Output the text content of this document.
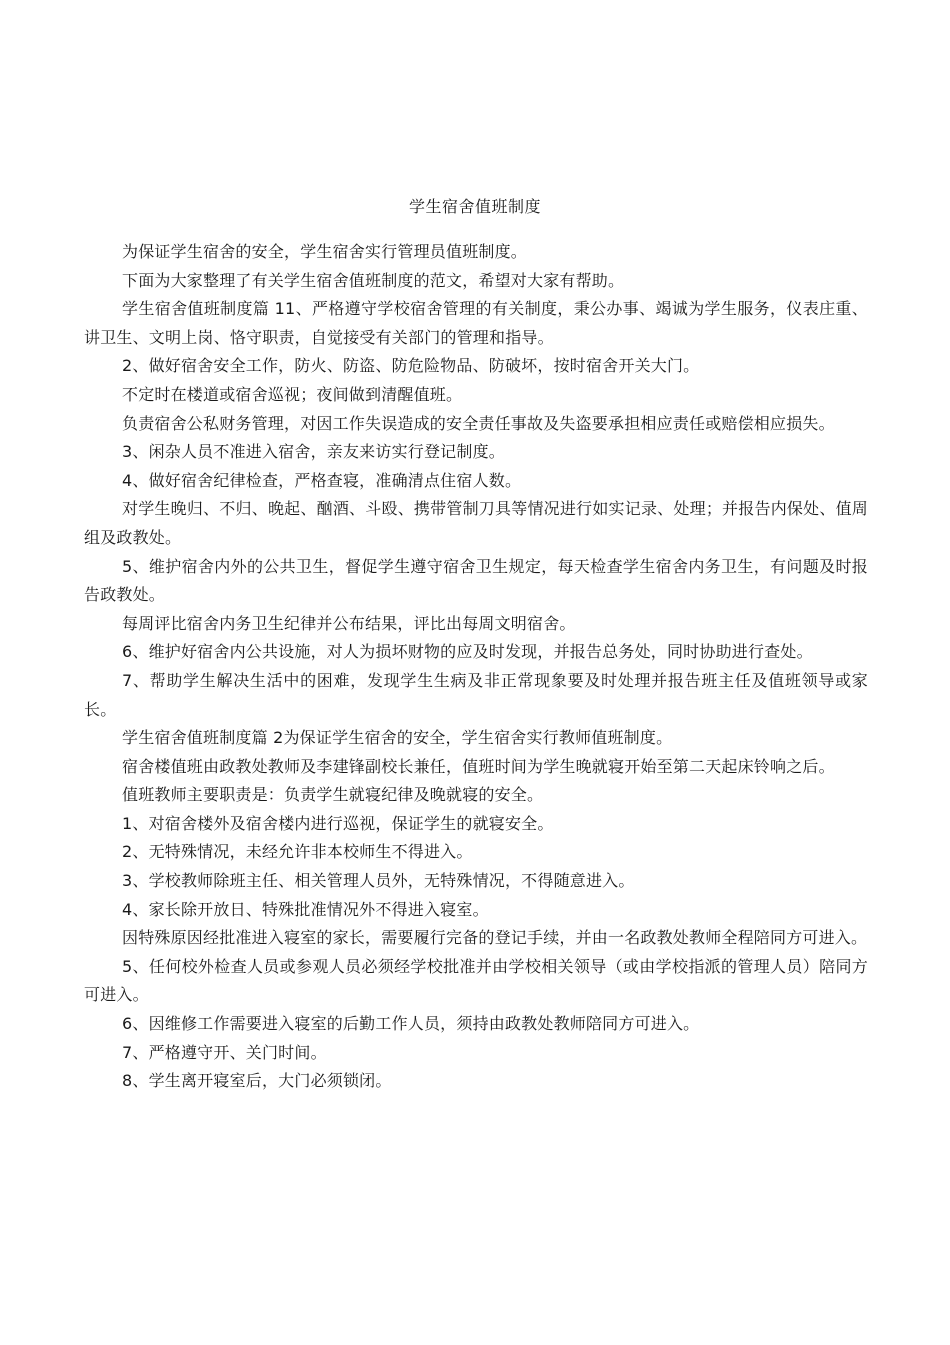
学生宿舍值班制度

为保证学生宿舍的安全，学生宿舍实行管理员值班制度。

下面为大家整理了有关学生宿舍值班制度的范文，希望对大家有帮助。

学生宿舍值班制度篇 11、严格遵守学校宿舍管理的有关制度，秉公办事、竭诚为学生服务，仪表庄重、讲卫生、文明上岗、恪守职责，自觉接受有关部门的管理和指导。

2、做好宿舍安全工作，防火、防盗、防危险物品、防破坏，按时宿舍开关大门。

不定时在楼道或宿舍巡视；夜间做到清醒值班。

负责宿舍公私财务管理，对因工作失误造成的安全责任事故及失盗要承担相应责任或赔偿相应损失。

3、闲杂人员不准进入宿舍，亲友来访实行登记制度。

4、做好宿舍纪律检查，严格查寝，准确清点住宿人数。

对学生晚归、不归、晚起、酗酒、斗殴、携带管制刀具等情况进行如实记录、处理；并报告内保处、值周组及政教处。

5、维护宿舍内外的公共卫生，督促学生遵守宿舍卫生规定，每天检查学生宿舍内务卫生，有问题及时报告政教处。

每周评比宿舍内务卫生纪律并公布结果，评比出每周文明宿舍。

6、维护好宿舍内公共设施，对人为损坏财物的应及时发现，并报告总务处，同时协助进行查处。

7、帮助学生解决生活中的困难，发现学生生病及非正常现象要及时处理并报告班主任及值班领导或家长。

学生宿舍值班制度篇 2为保证学生宿舍的安全，学生宿舍实行教师值班制度。

宿舍楼值班由政教处教师及李建锋副校长兼任，值班时间为学生晚就寝开始至第二天起床铃响之后。

值班教师主要职责是：负责学生就寝纪律及晚就寝的安全。

1、对宿舍楼外及宿舍楼内进行巡视，保证学生的就寝安全。

2、无特殊情况，未经允许非本校师生不得进入。

3、学校教师除班主任、相关管理人员外，无特殊情况，不得随意进入。

4、家长除开放日、特殊批准情况外不得进入寝室。

因特殊原因经批准进入寝室的家长，需要履行完备的登记手续，并由一名政教处教师全程陪同方可进入。

5、任何校外检查人员或参观人员必须经学校批准并由学校相关领导（或由学校指派的管理人员）陪同方可进入。

6、因维修工作需要进入寝室的后勤工作人员，须持由政教处教师陪同方可进入。

7、严格遵守开、关门时间。

8、学生离开寝室后，大门必须锁闭。
